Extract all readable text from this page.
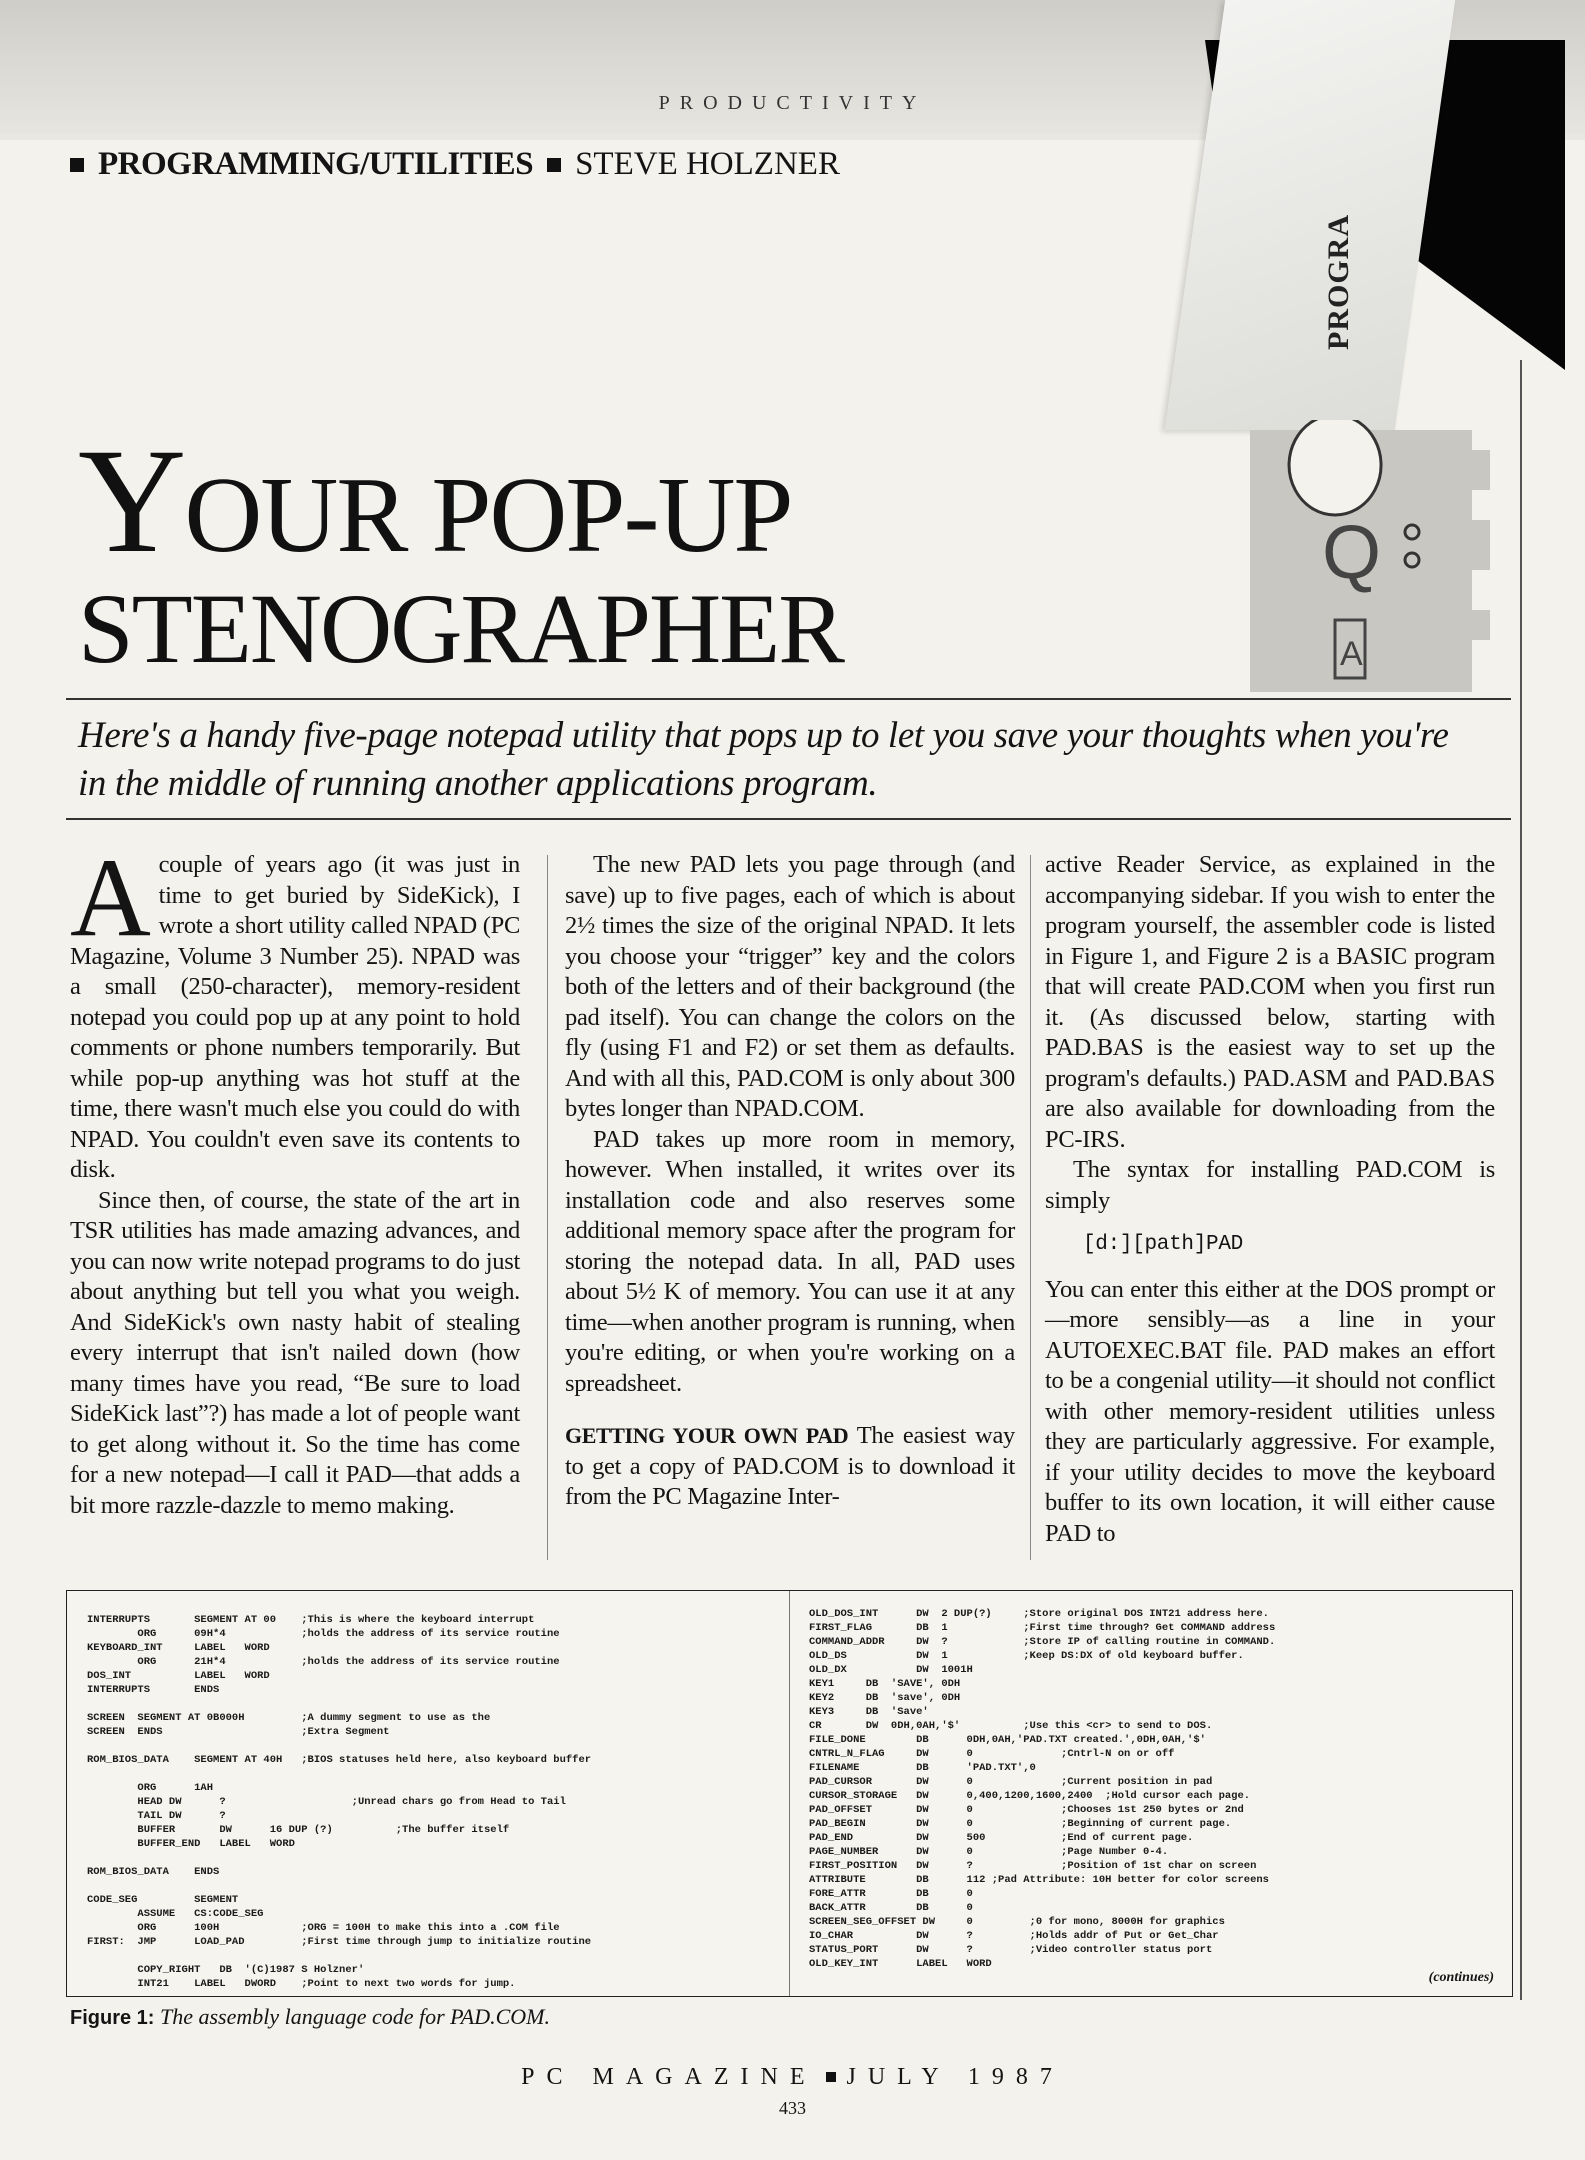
PRODUCTIVITY
PROGRA
PROGRAMMING/UTILITIES STEVE HOLZNER
YOUR POP-UP
STENOGRAPHER
Q
A
Here's a handy five-page notepad utility that pops up to let you save your thoughts when you're in the middle of running another applications program.

Acouple of years ago (it was just in time to get buried by SideKick), I wrote a short utility called NPAD (PC Magazine, Volume 3 Number 25). NPAD was a small (250-character), memory-resident notepad you could pop up at any point to hold comments or phone numbers temporarily. But while pop-up anything was hot stuff at the time, there wasn't much else you could do with NPAD. You couldn't even save its contents to disk.

Since then, of course, the state of the art in TSR utilities has made amazing advances, and you can now write notepad programs to do just about anything but tell you what you weigh. And SideKick's own nasty habit of stealing every interrupt that isn't nailed down (how many times have you read, “Be sure to load SideKick last”?) has made a lot of people want to get along without it. So the time has come for a new notepad—I call it PAD—that adds a bit more razzle-dazzle to memo making.

The new PAD lets you page through (and save) up to five pages, each of which is about 2½ times the size of the original NPAD. It lets you choose your “trigger” key and the colors both of the letters and of their background (the pad itself). You can change the colors on the fly (using F1 and F2) or set them as defaults. And with all this, PAD.COM is only about 300 bytes longer than NPAD.COM.

PAD takes up more room in memory, however. When installed, it writes over its installation code and also reserves some additional memory space after the program for storing the notepad data. In all, PAD uses about 5½ K of memory. You can use it at any time—when another program is running, when you're editing, or when you're working on a spreadsheet.

GETTING YOUR OWN PAD The easiest way to get a copy of PAD.COM is to download it from the PC Magazine Inter-

active Reader Service, as explained in the accompanying sidebar. If you wish to enter the program yourself, the assembler code is listed in Figure 1, and Figure 2 is a BASIC program that will create PAD.COM when you first run it. (As discussed below, starting with PAD.BAS is the easiest way to set up the program's defaults.) PAD.ASM and PAD.BAS are also available for downloading from the PC-IRS.

The syntax for installing PAD.COM is simply

[d:][path]PAD

You can enter this either at the DOS prompt or—more sensibly—as a line in your AUTOEXEC.BAT file. PAD makes an effort to be a congenial utility—it should not conflict with other memory-resident utilities unless they are particularly aggressive. For example, if your utility decides to move the keyboard buffer to its own location, it will either cause PAD to

INTERRUPTS       SEGMENT AT 00    ;This is where the keyboard interrupt
ORG      09H*4            ;holds the address of its service routine
KEYBOARD_INT     LABEL   WORD
ORG      21H*4            ;holds the address of its service routine
DOS_INT          LABEL   WORD
INTERRUPTS       ENDS

SCREEN  SEGMENT AT 0B000H         ;A dummy segment to use as the
SCREEN  ENDS                      ;Extra Segment

ROM_BIOS_DATA    SEGMENT AT 40H   ;BIOS statuses held here, also keyboard buffer

ORG      1AH
HEAD DW      ?                    ;Unread chars go from Head to Tail
TAIL DW      ?
BUFFER       DW      16 DUP (?)          ;The buffer itself
BUFFER_END   LABEL   WORD

ROM_BIOS_DATA    ENDS

CODE_SEG         SEGMENT
ASSUME   CS:CODE_SEG
ORG      100H             ;ORG = 100H to make this into a .COM file
FIRST:  JMP      LOAD_PAD         ;First time through jump to initialize routine

COPY_RIGHT   DB  '(C)1987 S Holzner'
INT21    LABEL   DWORD    ;Point to next two words for jump.
OLD_DOS_INT      DW  2 DUP(?)     ;Store original DOS INT21 address here.
FIRST_FLAG       DB  1            ;First time through? Get COMMAND address
COMMAND_ADDR     DW  ?            ;Store IP of calling routine in COMMAND.
OLD_DS           DW  1            ;Keep DS:DX of old keyboard buffer.
OLD_DX           DW  1001H
KEY1     DB  'SAVE', 0DH
KEY2     DB  'save', 0DH
KEY3     DB  'Save'
CR       DW  0DH,0AH,'$'          ;Use this <cr> to send to DOS.
FILE_DONE        DB      0DH,0AH,'PAD.TXT created.',0DH,0AH,'$'
CNTRL_N_FLAG     DW      0              ;Cntrl-N on or off
FILENAME         DB      'PAD.TXT',0
PAD_CURSOR       DW      0              ;Current position in pad
CURSOR_STORAGE   DW      0,400,1200,1600,2400  ;Hold cursor each page.
PAD_OFFSET       DW      0              ;Chooses 1st 250 bytes or 2nd
PAD_BEGIN        DW      0              ;Beginning of current page.
PAD_END          DW      500            ;End of current page.
PAGE_NUMBER      DW      0              ;Page Number 0-4.
FIRST_POSITION   DW      ?              ;Position of 1st char on screen
ATTRIBUTE        DB      112 ;Pad Attribute: 10H better for color screens
FORE_ATTR        DB      0
BACK_ATTR        DB      0
SCREEN_SEG_OFFSET DW     0         ;0 for mono, 8000H for graphics
IO_CHAR          DW      ?         ;Holds addr of Put or Get_Char
STATUS_PORT      DW      ?         ;Video controller status port
OLD_KEY_INT      LABEL   WORD
(continues)
Figure 1: The assembly language code for PAD.COM.
PC MAGAZINE JULY 1987
433
